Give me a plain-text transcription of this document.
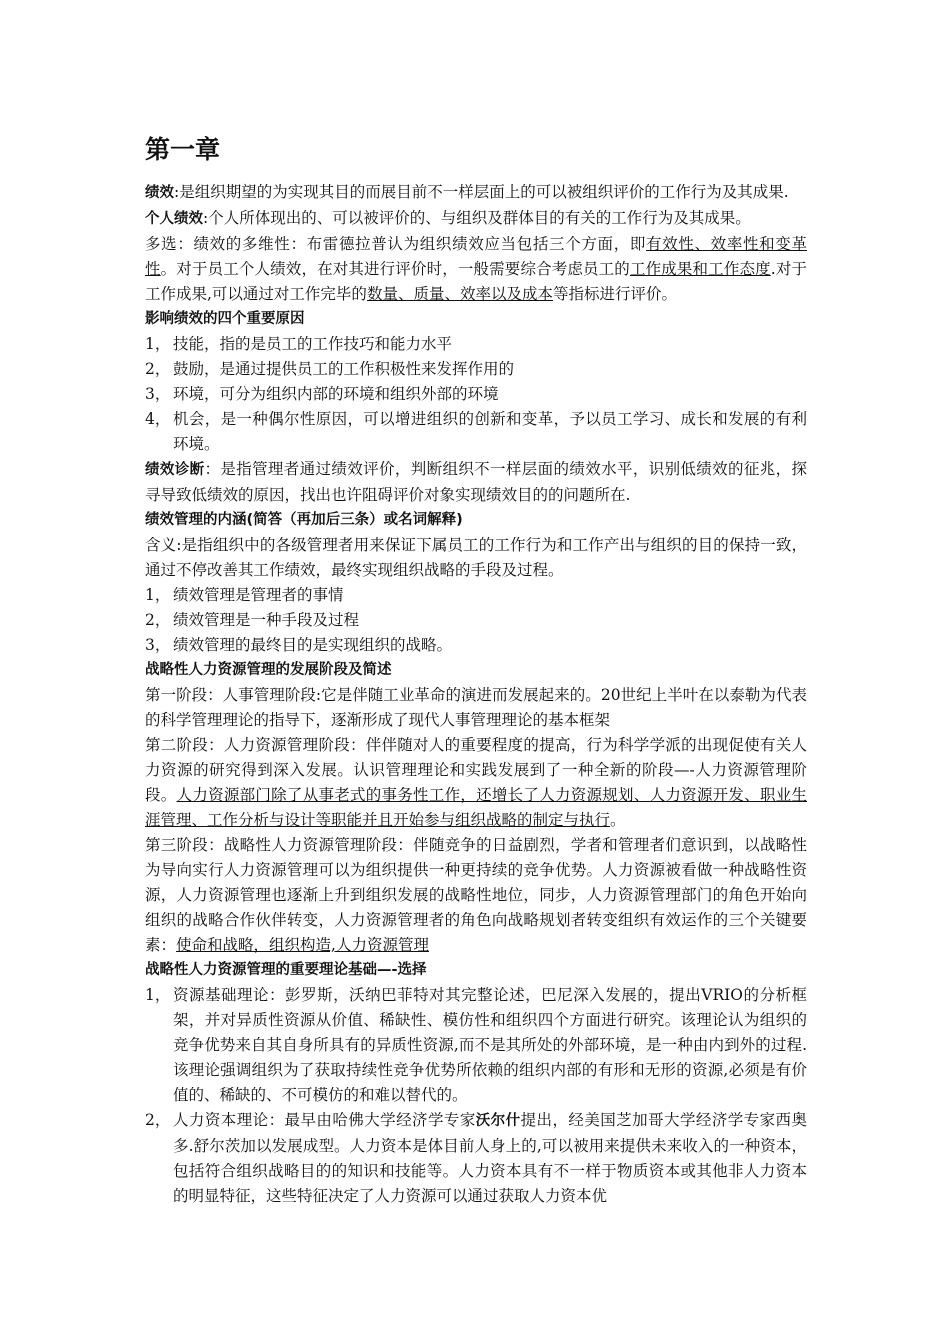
第一章

绩效:是组织期望的为实现其目的而展目前不一样层面上的可以被组织评价的工作行为及其成果.

个人绩效:个人所体现出的、可以被评价的、与组织及群体目的有关的工作行为及其成果。

多选：绩效的多维性：布雷德拉普认为组织绩效应当包括三个方面，即有效性、效率性和变革性。对于员工个人绩效，在对其进行评价时，一般需要综合考虑员工的工作成果和工作态度.对于工作成果,可以通过对工作完毕的数量、质量、效率以及成本等指标进行评价。

影响绩效的四个重要原因

1， 技能，指的是员工的工作技巧和能力水平
2， 鼓励，是通过提供员工的工作积极性来发挥作用的
3， 环境，可分为组织内部的环境和组织外部的环境
4， 机会，是一种偶尔性原因，可以增进组织的创新和变革，予以员工学习、成长和发展的有利环境。

绩效诊断：是指管理者通过绩效评价，判断组织不一样层面的绩效水平，识别低绩效的征兆，探寻导致低绩效的原因，找出也许阻碍评价对象实现绩效目的的问题所在.

绩效管理的内涵(简答（再加后三条）或名词解释)

含义:是指组织中的各级管理者用来保证下属员工的工作行为和工作产出与组织的目的保持一致，通过不停改善其工作绩效，最终实现组织战略的手段及过程。

1， 绩效管理是管理者的事情
2， 绩效管理是一种手段及过程
3， 绩效管理的最终目的是实现组织的战略。

战略性人力资源管理的发展阶段及简述

第一阶段：人事管理阶段:它是伴随工业革命的演进而发展起来的。20世纪上半叶在以泰勒为代表的科学管理理论的指导下，逐渐形成了现代人事管理理论的基本框架

第二阶段：人力资源管理阶段：伴伴随对人的重要程度的提高，行为科学学派的出现促使有关人力资源的研究得到深入发展。认识管理理论和实践发展到了一种全新的阶段—-人力资源管理阶段。人力资源部门除了从事老式的事务性工作，还增长了人力资源规划、人力资源开发、职业生涯管理、工作分析与设计等职能并且开始参与组织战略的制定与执行。

第三阶段：战略性人力资源管理阶段：伴随竞争的日益剧烈，学者和管理者们意识到，以战略性为导向实行人力资源管理可以为组织提供一种更持续的竞争优势。人力资源被看做一种战略性资源，人力资源管理也逐渐上升到组织发展的战略性地位，同步，人力资源管理部门的角色开始向组织的战略合作伙伴转变，人力资源管理者的角色向战略规划者转变组织有效运作的三个关键要素：使命和战略，组织构造,人力资源管理

战略性人力资源管理的重要理论基础—-选择

1， 资源基础理论：彭罗斯，沃纳巴菲特对其完整论述，巴尼深入发展的，提出VRIO的分析框架，并对异质性资源从价值、稀缺性、模仿性和组织四个方面进行研究。该理论认为组织的竞争优势来自其自身所具有的异质性资源,而不是其所处的外部环境，是一种由内到外的过程.该理论强调组织为了获取持续性竞争优势所依赖的组织内部的有形和无形的资源,必须是有价值的、稀缺的、不可模仿的和难以替代的。
2， 人力资本理论：最早由哈佛大学经济学专家沃尔什提出，经美国芝加哥大学经济学专家西奥多.舒尔茨加以发展成型。人力资本是体目前人身上的,可以被用来提供未来收入的一种资本，包括符合组织战略目的的知识和技能等。人力资本具有不一样于物质资本或其他非人力资本的明显特征，这些特征决定了人力资源可以通过获取人力资本优
